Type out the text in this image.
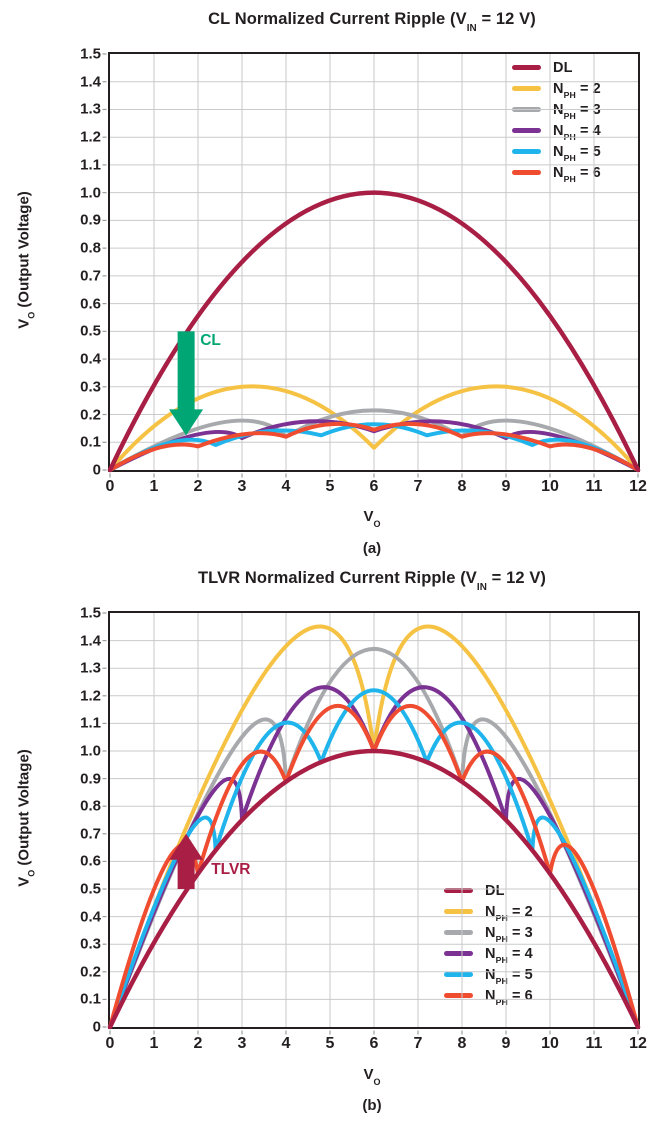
CL Normalized Current Ripple ($V_{IN} = 12$ V)
$V_O$ (Output Voltage)
0
0.1
0.2
0.3
0.4
0.5
0.6
0.7
0.8
0.9
1.0
1.1
1.2
1.3
1.4
1.5
0 1 2 3 4 5 6 7 8 9 10 11 12
DL
$N_{PH} = 2$
$N_{PH} = 3$
$N_{PH} = 4$
$N_{PH} = 5$
$N_{PH} = 6$
CL
$V_O$
(a)
TLVR Normalized Current Ripple ($V_{IN} = 12$ V)
$V_O$ (Output Voltage)
0
0.1
0.2
0.3
0.4
0.5
0.6
0.7
0.8
0.9
1.0
1.1
1.2
1.3
1.4
1.5
0 1 2 3 4 5 6 7 8 9 10 11 12
DL
$N_{PH} = 2$
$N_{PH} = 3$
$N_{PH} = 4$
$N_{PH} = 5$
$N_{PH} = 6$
TLVR
$V_O$
(b)
